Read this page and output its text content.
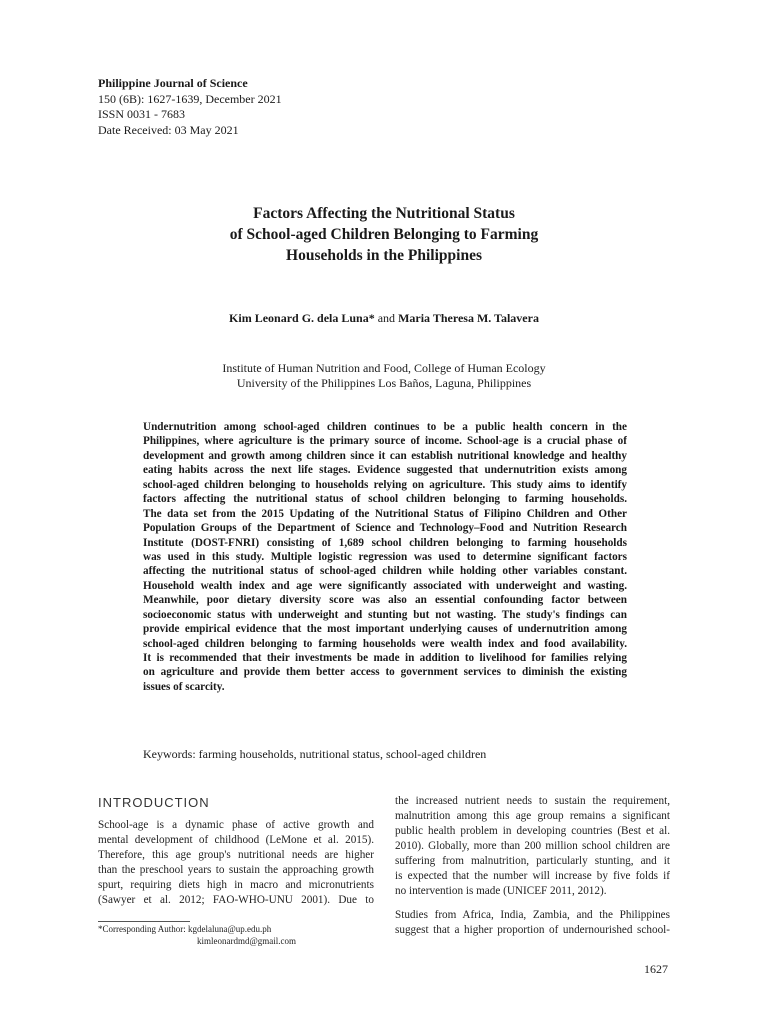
Philippine Journal of Science
150 (6B): 1627-1639, December 2021
ISSN 0031 - 7683
Date Received: 03 May 2021
Factors Affecting the Nutritional Status
of School-aged Children Belonging to Farming
Households in the Philippines
Kim Leonard G. dela Luna* and Maria Theresa M. Talavera
Institute of Human Nutrition and Food, College of Human Ecology
University of the Philippines Los Baños, Laguna, Philippines
Undernutrition among school-aged children continues to be a public health concern in the
Philippines, where agriculture is the primary source of income. School-age is a crucial phase of
development and growth among children since it can establish nutritional knowledge and healthy
eating habits across the next life stages. Evidence suggested that undernutrition exists among
school-aged children belonging to households relying on agriculture. This study aims to identify
factors affecting the nutritional status of school children belonging to farming households.
The data set from the 2015 Updating of the Nutritional Status of Filipino Children and Other
Population Groups of the Department of Science and Technology–Food and Nutrition Research
Institute (DOST-FNRI) consisting of 1,689 school children belonging to farming households
was used in this study. Multiple logistic regression was used to determine significant factors
affecting the nutritional status of school-aged children while holding other variables constant.
Household wealth index and age were significantly associated with underweight and wasting.
Meanwhile, poor dietary diversity score was also an essential confounding factor between
socioeconomic status with underweight and stunting but not wasting. The study's findings can
provide empirical evidence that the most important underlying causes of undernutrition among
school-aged children belonging to farming households were wealth index and food availability.
It is recommended that their investments be made in addition to livelihood for families relying
on agriculture and provide them better access to government services to diminish the existing
issues of scarcity.
Keywords: farming households, nutritional status, school-aged children
INTRODUCTION
School-age is a dynamic phase of active growth and
mental development of childhood (LeMone et al. 2015).
Therefore, this age group's nutritional needs are higher
than the preschool years to sustain the approaching growth
spurt, requiring diets high in macro and micronutrients
(Sawyer et al. 2012; FAO-WHO-UNU 2001). Due to
the increased nutrient needs to sustain the requirement,
malnutrition among this age group remains a significant
public health problem in developing countries (Best et al.
2010). Globally, more than 200 million school children are
suffering from malnutrition, particularly stunting, and it
is expected that the number will increase by five folds if
no intervention is made (UNICEF 2011, 2012).
Studies from Africa, India, Zambia, and the Philippines
suggest that a higher proportion of undernourished school-
*Corresponding Author: kgdelaluna@up.edu.ph
kimleonardmd@gmail.com
1627
